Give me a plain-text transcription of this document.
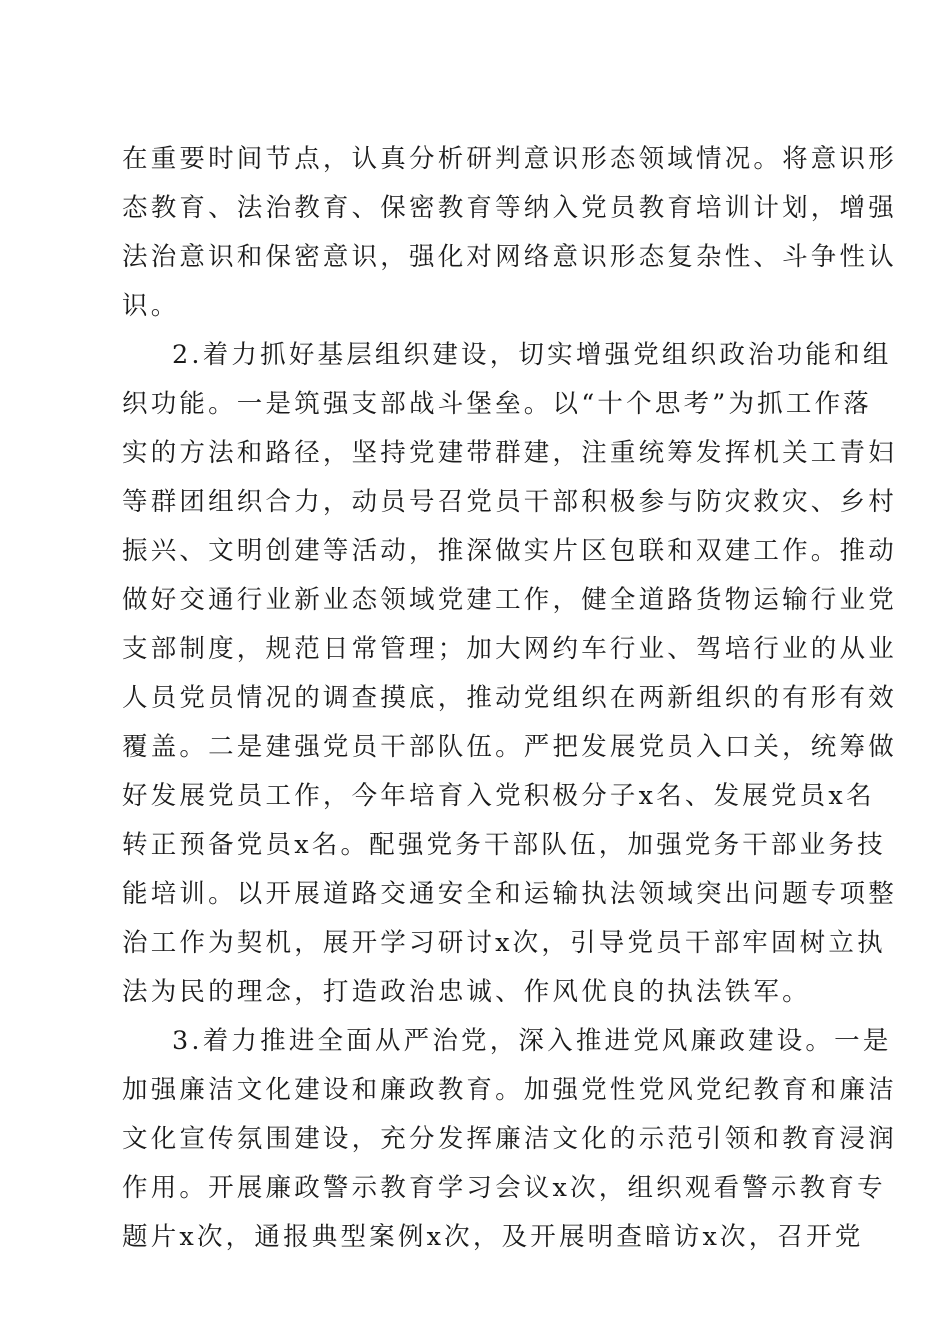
在重要时间节点，认真分析研判意识形态领域情况。将意识形
态教育、法治教育、保密教育等纳入党员教育培训计划，增强
法治意识和保密意识，强化对网络意识形态复杂性、斗争性认
识。
2.着力抓好基层组织建设，切实增强党组织政治功能和组
织功能。一是筑强支部战斗堡垒。以“十个思考”为抓工作落
实的方法和路径，坚持党建带群建，注重统筹发挥机关工青妇
等群团组织合力，动员号召党员干部积极参与防灾救灾、乡村
振兴、文明创建等活动，推深做实片区包联和双建工作。推动
做好交通行业新业态领域党建工作，健全道路货物运输行业党
支部制度，规范日常管理；加大网约车行业、驾培行业的从业
人员党员情况的调查摸底，推动党组织在两新组织的有形有效
覆盖。二是建强党员干部队伍。严把发展党员入口关，统筹做
好发展党员工作，今年培育入党积极分子x名、发展党员x名
转正预备党员x名。配强党务干部队伍，加强党务干部业务技
能培训。以开展道路交通安全和运输执法领域突出问题专项整
治工作为契机，展开学习研讨x次，引导党员干部牢固树立执
法为民的理念，打造政治忠诚、作风优良的执法铁军。
3.着力推进全面从严治党，深入推进党风廉政建设。一是
加强廉洁文化建设和廉政教育。加强党性党风党纪教育和廉洁
文化宣传氛围建设，充分发挥廉洁文化的示范引领和教育浸润
作用。开展廉政警示教育学习会议x次，组织观看警示教育专
题片x次，通报典型案例x次，及开展明查暗访x次，召开党
